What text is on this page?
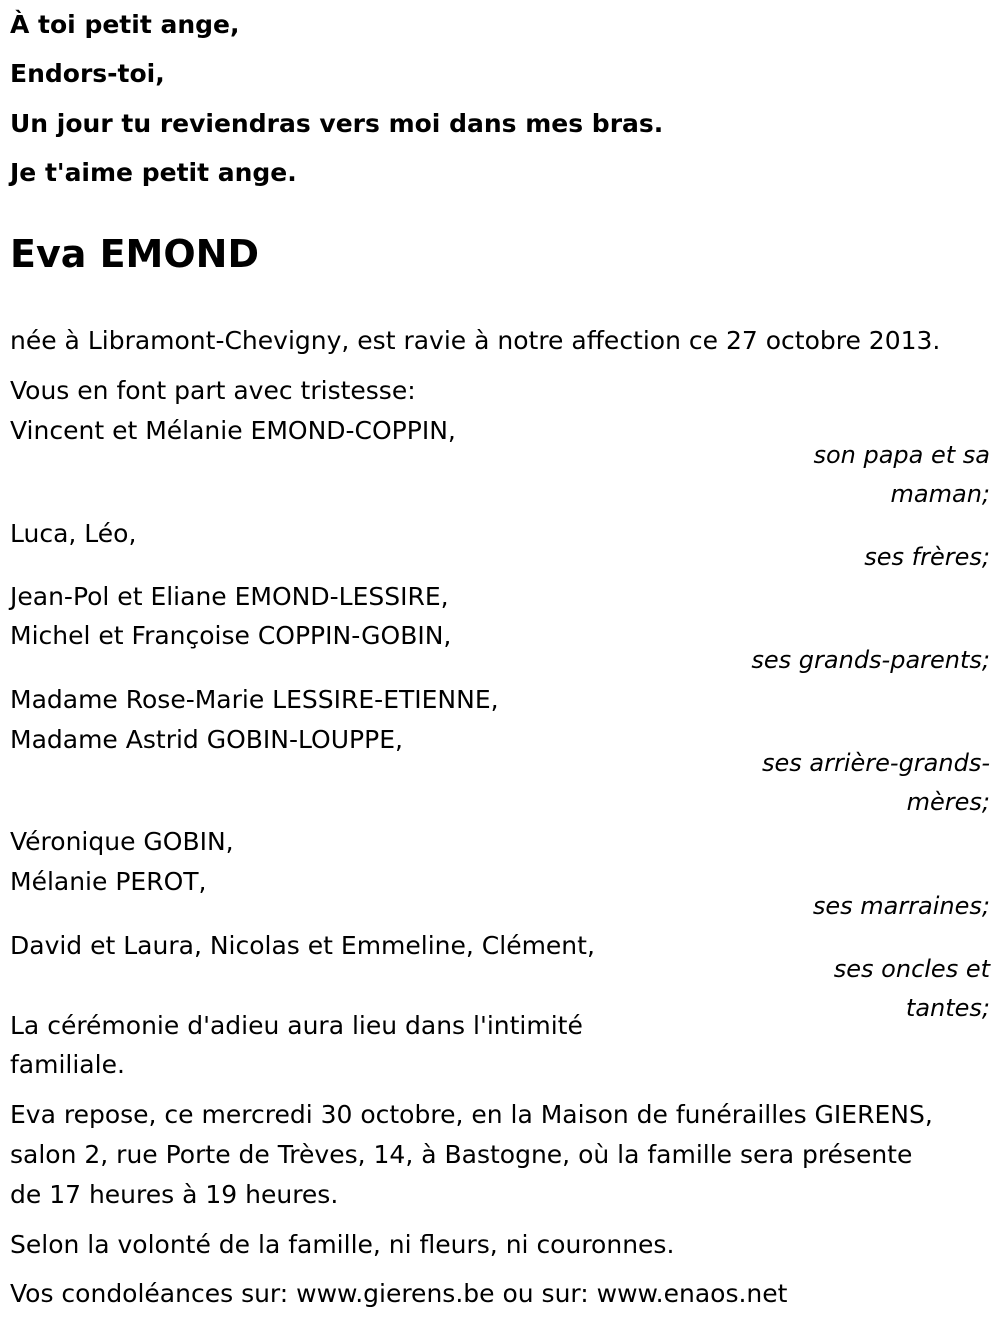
À toi petit ange,
Endors-toi,
Un jour tu reviendras vers moi dans mes bras.
Je t'aime petit ange.
Eva EMOND
née à Libramont-Chevigny, est ravie à notre affection ce 27 octobre 2013.
Vous en font part avec tristesse:
Vincent et Mélanie EMOND-COPPIN,
son papa et sa
maman;
Luca, Léo,
ses frères;
Jean-Pol et Eliane EMOND-LESSIRE,
Michel et Françoise COPPIN-GOBIN,
ses grands-parents;
Madame Rose-Marie LESSIRE-ETIENNE,
Madame Astrid GOBIN-LOUPPE,
ses arrière-grands-
mères;
Véronique GOBIN,
Mélanie PEROT,
ses marraines;
David et Laura, Nicolas et Emmeline, Clément,
ses oncles et
tantes;
La cérémonie d'adieu aura lieu dans l'intimité
familiale.
Eva repose, ce mercredi 30 octobre, en la Maison de funérailles GIERENS,
salon 2, rue Porte de Trèves, 14, à Bastogne, où la famille sera présente
de 17 heures à 19 heures.
Selon la volonté de la famille, ni fleurs, ni couronnes.
Vos condoléances sur: www.gierens.be ou sur: www.enaos.net
